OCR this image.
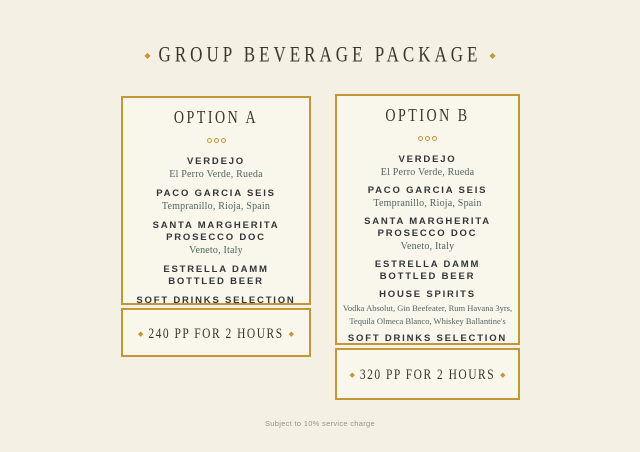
◆ GROUP BEVERAGE PACKAGE ◆
OPTION A
VERDEJO
El Perro Verde, Rueda
PACO GARCIA SEIS
Tempranillo, Rioja, Spain
SANTA MARGHERITA
PROSECCO DOC
Veneto, Italy
ESTRELLA DAMM
BOTTLED BEER
SOFT DRINKS SELECTION
◆ 240 PP FOR 2 HOURS ◆
OPTION B
VERDEJO
El Perro Verde, Rueda
PACO GARCIA SEIS
Tempranillo, Rioja, Spain
SANTA MARGHERITA
PROSECCO DOC
Veneto, Italy
ESTRELLA DAMM
BOTTLED BEER
HOUSE SPIRITS
Vodka Absolut, Gin Beefeater, Rum Havana 3yrs,
Tequila Olmeca Blanco, Whiskey Ballantine's
SOFT DRINKS SELECTION
◆ 320 PP FOR 2 HOURS ◆
Subject to 10% service charge
